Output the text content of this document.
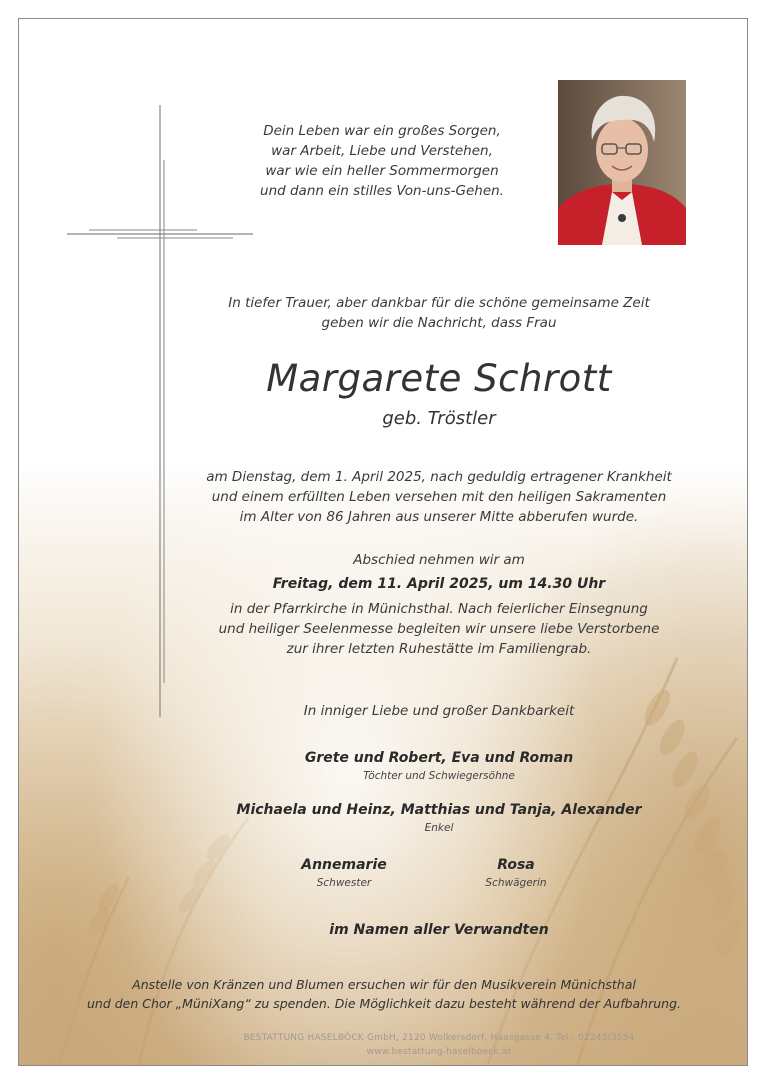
Dein Leben war ein großes Sorgen,
war Arbeit, Liebe und Verstehen,
war wie ein heller Sommermorgen
und dann ein stilles Von-uns-Gehen.
In tiefer Trauer, aber dankbar für die schöne gemeinsame Zeit
geben wir die Nachricht, dass Frau
Margarete Schrott
geb. Tröstler
am Dienstag, dem 1. April 2025, nach geduldig ertragener Krankheit
und einem erfüllten Leben versehen mit den heiligen Sakramenten
im Alter von 86 Jahren aus unserer Mitte abberufen wurde.
Abschied nehmen wir am
Freitag, dem 11. April 2025, um 14.30 Uhr
in der Pfarrkirche in Münichsthal. Nach feierlicher Einsegnung
und heiliger Seelenmesse begleiten wir unsere liebe Verstorbene
zur ihrer letzten Ruhestätte im Familiengrab.
In inniger Liebe und großer Dankbarkeit
Grete und Robert, Eva und Roman
Töchter und Schwiegersöhne
Michaela und Heinz, Matthias und Tanja, Alexander
Enkel
Annemarie
Schwester
Rosa
Schwägerin
im Namen aller Verwandten
Anstelle von Kränzen und Blumen ersuchen wir für den Musikverein Münichsthal
und den Chor „MüniXang“ zu spenden. Die Möglichkeit dazu besteht während der Aufbahrung.
BESTATTUNG HASELBÖCK GmbH, 2120 Wolkersdorf, Haasgasse 4, Tel.: 02245/3554
www.bestattung-haselboeck.at
